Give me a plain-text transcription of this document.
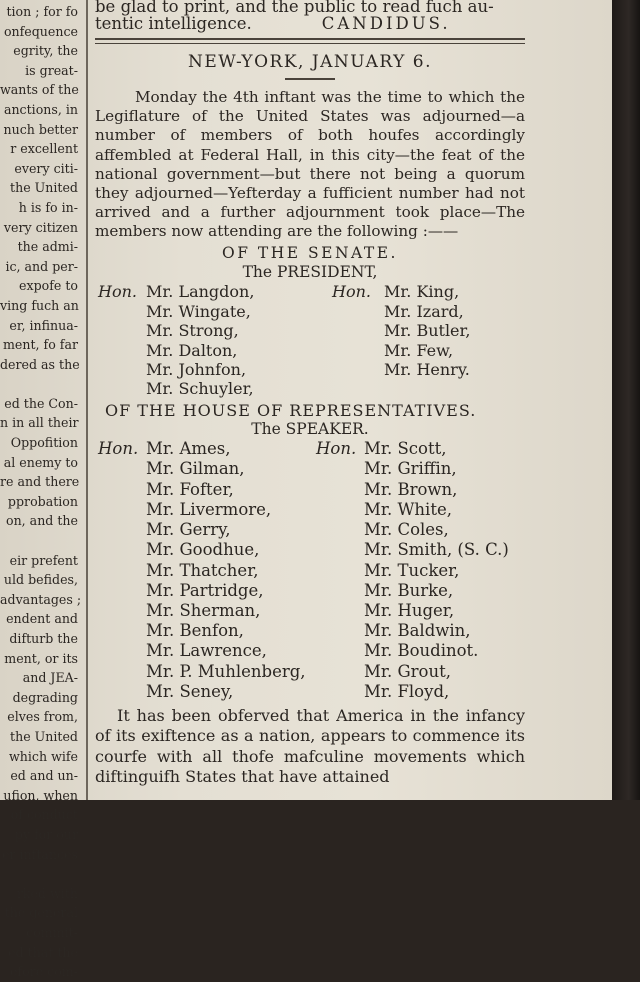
tion ; for fo
onfequence
egrity, the
is great-
wants of the
anctions, in
nuch better
r excellent
every citi-
the United
h is fo in-
very citizen
the admi-
ic, and per-
expofe to
ving fuch an
er, infinua-
ment, fo far
dered as the

ed the Con-
n in all their
Oppofition
al enemy to
re and there
pprobation
on, and the

eir prefent
uld befides,
advantages ;
endent and
difturb the
ment, or its
and JEA-
degrading
elves from,
the United
which wife
ed and un-
ufion, when
of conduct
py for our
er inftances

rked with
the general
commit-
ed that the
efore com-
be glad to print, and the public to read fuch au-
tentic intelligence.	CANDIDUS.
NEW-YORK, JANUARY 6.
Monday the 4th inftant was the time to which the Legiflature of the United States was adjourned—a number of members of both houfes accordingly affembled at Federal Hall, in this city—the feat of the national government—but there not being a quorum they adjourned—Yefterday a fufficient number had not arrived and a further adjournment took place—The members now attending are the following :——
OF THE SENATE.
The PRESIDENT,
Hon. Mr. Langdon,	Hon. Mr. King,
Mr. Wingate,	Mr. Izard,
Mr. Strong,	Mr. Butler,
Mr. Dalton,	Mr. Few,
Mr. Johnfon,	Mr. Henry.
Mr. Schuyler,
OF THE HOUSE OF REPRESENTATIVES.
The SPEAKER.
Hon. Mr. Ames,	Hon. Mr. Scott,
Mr. Gilman,	Mr. Griffin,
Mr. Fofter,	Mr. Brown,
Mr. Livermore,	Mr. White,
Mr. Gerry,	Mr. Coles,
Mr. Goodhue,	Mr. Smith, (S. C.)
Mr. Thatcher,	Mr. Tucker,
Mr. Partridge,	Mr. Burke,
Mr. Sherman,	Mr. Huger,
Mr. Benfon,	Mr. Baldwin,
Mr. Lawrence,	Mr. Boudinot.
Mr. P. Muhlenberg,	Mr. Grout,
Mr. Seney,	Mr. Floyd,
It has been obferved that America in the infancy of its exiftence as a nation, appears to commence its courfe with all thofe mafculine movements which diftinguifh States that have attained
